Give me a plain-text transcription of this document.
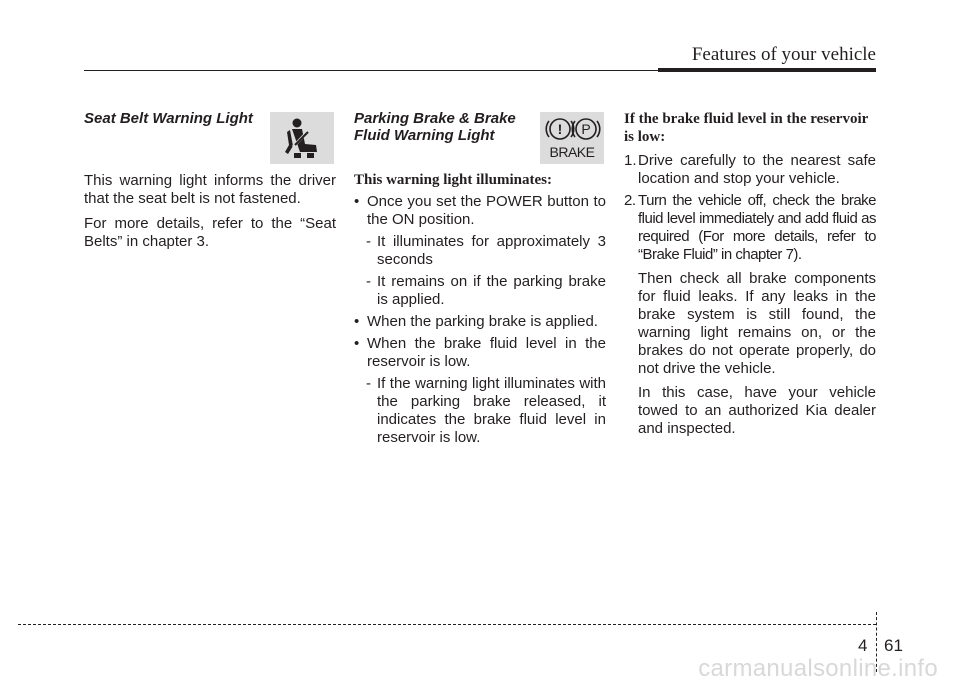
Features of your vehicle
Seat Belt Warning Light

This warning light informs the driver that the seat belt is not fastened.

For more details, refer to the “Seat Belts” in chapter 3.

Parking Brake & Brake
Fluid Warning Light	! P
BRAKE
This warning light illuminates:
• Once you set the POWER button to the ON position.
- It illuminates for approximately 3 seconds
- It remains on if the parking brake is applied.
• When the parking brake is applied.
• When the brake fluid level in the reservoir is low.
- If the warning light illuminates with the parking brake released, it indicates the brake fluid level in reservoir is low.
If the brake fluid level in the reservoir is low:
1. Drive carefully to the nearest safe location and stop your vehicle.
2. Turn the vehicle off, check the brake fluid level immediately and add fluid as required (For more details, refer to “Brake Fluid” in chapter 7).
Then check all brake components for fluid leaks. If any leaks in the brake system is still found, the warning light remains on, or the brakes do not operate properly, do not drive the vehicle.
In this case, have your vehicle towed to an authorized Kia dealer and inspected.
4 61
carmanualsonline.info
